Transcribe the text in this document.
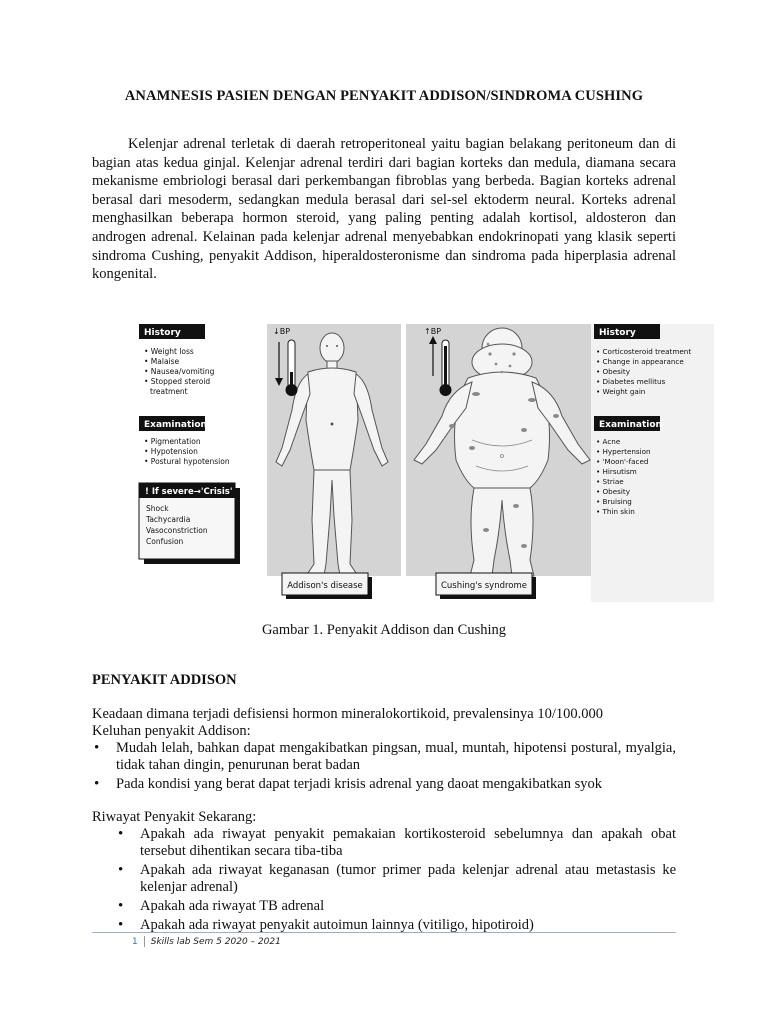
ANAMNESIS PASIEN DENGAN PENYAKIT ADDISON/SINDROMA CUSHING

Kelenjar adrenal terletak di daerah retroperitoneal yaitu bagian belakang peritoneum dan di bagian atas kedua ginjal. Kelenjar adrenal terdiri dari bagian korteks dan medula, diamana secara mekanisme embriologi berasal dari perkembangan fibroblas yang berbeda. Bagian korteks adrenal berasal dari mesoderm, sedangkan medula berasal dari sel-sel ektoderm neural. Korteks adrenal menghasilkan beberapa hormon steroid, yang paling penting adalah kortisol, aldosteron dan androgen adrenal. Kelainan pada kelenjar adrenal menyebabkan endokrinopati yang klasik seperti sindroma Cushing, penyakit Addison, hiperaldosteronisme dan sindroma pada hiperplasia adrenal kongenital.

↓BP	↑BP
History
• Weight loss
• Malaise
• Nausea/vomiting
• Stopped steroid
treatment
Examination
• Pigmentation
• Hypotension
• Postural hypotension
! If severe→'Crisis'
Shock
Tachycardia
Vasoconstriction
Confusion
History
• Corticosteroid treatment
• Change in appearance
• Obesity
• Diabetes mellitus
• Weight gain
Examination
• Acne
• Hypertension
• 'Moon'-faced
• Hirsutism
• Striae
• Obesity
• Bruising
• Thin skin
Addison's disease	Cushing's syndrome
Gambar 1. Penyakit Addison dan Cushing
PENYAKIT ADDISON
Keadaan dimana terjadi defisiensi hormon mineralokortikoid, prevalensinya 10/100.000
Keluhan penyakit Addison:
• Mudah lelah, bahkan dapat mengakibatkan pingsan, mual, muntah, hipotensi postural, myalgia, tidak tahan dingin, penurunan berat badan
• Pada kondisi yang berat dapat terjadi krisis adrenal yang daoat mengakibatkan syok
Riwayat Penyakit Sekarang:
• Apakah ada riwayat penyakit pemakaian kortikosteroid sebelumnya dan apakah obat tersebut dihentikan secara tiba-tiba
• Apakah ada riwayat keganasan (tumor primer pada kelenjar adrenal atau metastasis ke kelenjar adrenal)
• Apakah ada riwayat TB adrenal
• Apakah ada riwayat penyakit autoimun lainnya (vitiligo, hipotiroid)
1 Skills lab Sem 5 2020 – 2021
